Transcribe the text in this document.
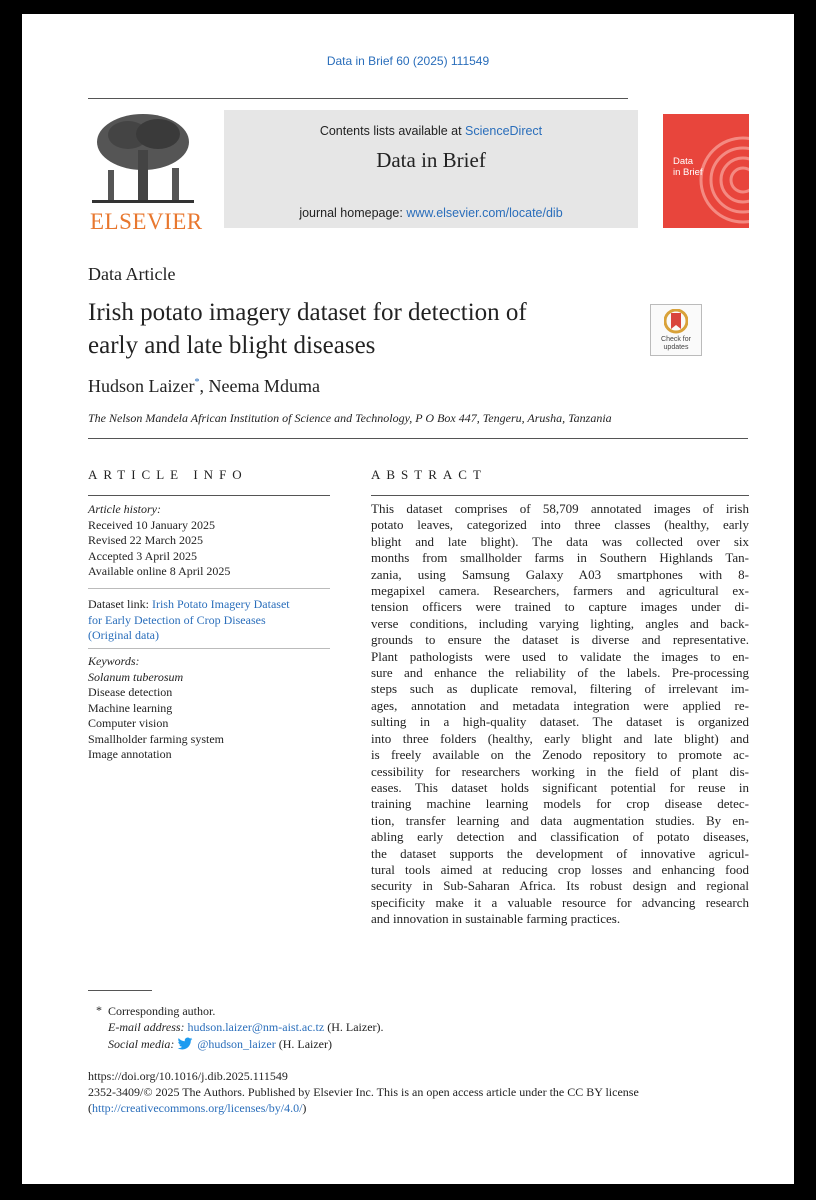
Data in Brief 60 (2025) 111549
ELSEVIER
Contents lists available at ScienceDirect
Data in Brief
journal homepage: www.elsevier.com/locate/dib
Data
in Brief
Data Article
Irish potato imagery dataset for detection of
early and late blight diseases	Check for
updates
Hudson Laizer*, Neema Mduma
The Nelson Mandela African Institution of Science and Technology, P O Box 447, Tengeru, Arusha, Tanzania
ARTICLE INFO
Article history:
Received 10 January 2025
Revised 22 March 2025
Accepted 3 April 2025
Available online 8 April 2025
Dataset link: Irish Potato Imagery Dataset
for Early Detection of Crop Diseases
(Original data)
Keywords:
Solanum tuberosum
Disease detection
Machine learning
Computer vision
Smallholder farming system
Image annotation
ABSTRACT
This dataset comprises of 58,709 annotated images of irish
potato leaves, categorized into three classes (healthy, early
blight and late blight). The data was collected over six
months from smallholder farms in Southern Highlands Tan-
zania, using Samsung Galaxy A03 smartphones with 8-
megapixel camera. Researchers, farmers and agricultural ex-
tension officers were trained to capture images under di-
verse conditions, including varying lighting, angles and back-
grounds to ensure the dataset is diverse and representative.
Plant pathologists were used to validate the images to en-
sure and enhance the reliability of the labels. Pre-processing
steps such as duplicate removal, filtering of irrelevant im-
ages, annotation and metadata integration were applied re-
sulting in a high-quality dataset. The dataset is organized
into three folders (healthy, early blight and late blight) and
is freely available on the Zenodo repository to promote ac-
cessibility for researchers working in the field of plant dis-
eases. This dataset holds significant potential for reuse in
training machine learning models for crop disease detec-
tion, transfer learning and data augmentation studies. By en-
abling early detection and classification of potato diseases,
the dataset supports the development of innovative agricul-
tural tools aimed at reducing crop losses and enhancing food
security in Sub-Saharan Africa. Its robust design and regional
specificity make it a valuable resource for advancing research
and innovation in sustainable farming practices.
* Corresponding author.
E-mail address: hudson.laizer@nm-aist.ac.tz (H. Laizer).
Social media: @hudson_laizer (H. Laizer)
https://doi.org/10.1016/j.dib.2025.111549
2352-3409/© 2025 The Authors. Published by Elsevier Inc. This is an open access article under the CC BY license
(http://creativecommons.org/licenses/by/4.0/)
